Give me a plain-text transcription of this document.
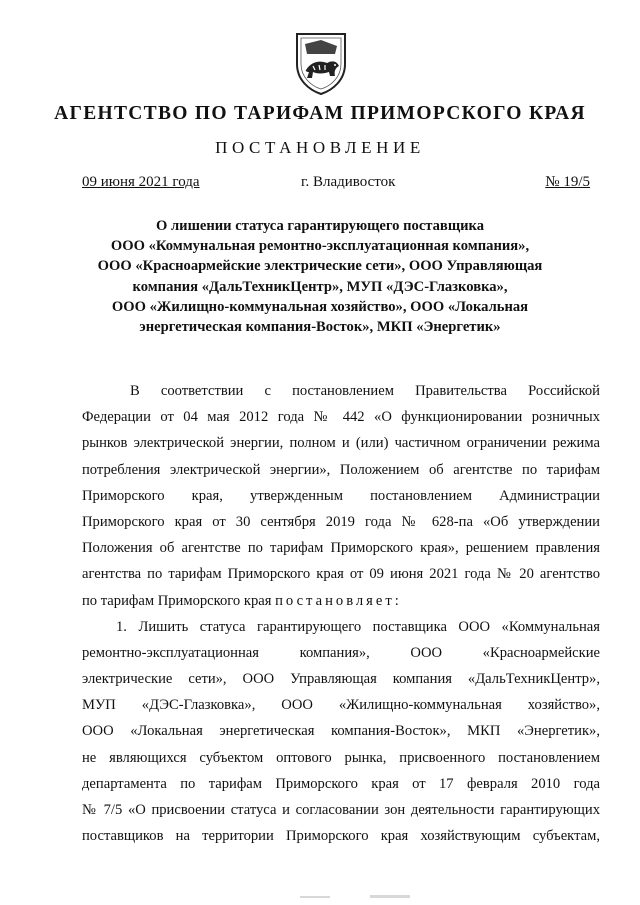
АГЕНТСТВО ПО ТАРИФАМ ПРИМОРСКОГО КРАЯ
ПОСТАНОВЛЕНИЕ
09 июня 2021 года	г. Владивосток	№ 19/5
О лишении статуса гарантирующего поставщика
ООО «Коммунальная ремонтно-эксплуатационная компания»,
ООО «Красноармейские электрические сети», ООО Управляющая
компания «ДальТехникЦентр», МУП «ДЭС-Глазковка»,
ООО «Жилищно-коммунальная хозяйство», ООО «Локальная
энергетическая компания-Восток», МКП «Энергетик»
В соответствии с постановлением Правительства Российской
Федерации от 04 мая 2012 года № 442 «О функционировании розничных
рынков электрической энергии, полном и (или) частичном ограничении режима
потребления электрической энергии», Положением об агентстве по тарифам
Приморского края, утвержденным постановлением Администрации
Приморского края от 30 сентября 2019 года № 628-па «Об утверждении
Положения об агентстве по тарифам Приморского края», решением правления
агентства по тарифам Приморского края от 09 июня 2021 года № 20 агентство
по тарифам Приморского края постановляет:
1. Лишить статуса гарантирующего поставщика ООО «Коммунальная
ремонтно-эксплуатационная компания», ООО «Красноармейские
электрические сети», ООО Управляющая компания «ДальТехникЦентр»,
МУП «ДЭС-Глазковка», ООО «Жилищно-коммунальная хозяйство»,
ООО «Локальная энергетическая компания-Восток», МКП «Энергетик»,
не являющихся субъектом оптового рынка, присвоенного постановлением
департамента по тарифам Приморского края от 17 февраля 2010 года
№ 7/5 «О присвоении статуса и согласовании зон деятельности гарантирующих
поставщиков на территории Приморского края хозяйствующим субъектам,
